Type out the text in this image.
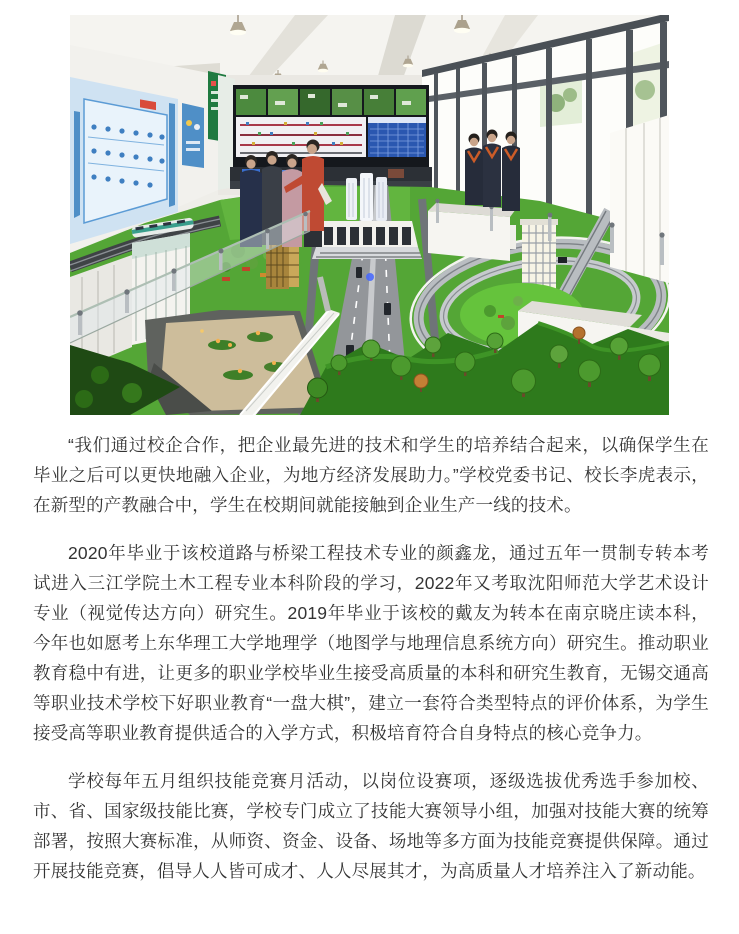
“我们通过校企合作，把企业最先进的技术和学生的培养结合起来，以确保学生在毕业之后可以更快地融入企业，为地方经济发展助力。”学校党委书记、校长李虎表示，在新型的产教融合中，学生在校期间就能接触到企业生产一线的技术。

2020年毕业于该校道路与桥梁工程技术专业的颜鑫龙，通过五年一贯制专转本考试进入三江学院土木工程专业本科阶段的学习，2022年又考取沈阳师范大学艺术设计专业（视觉传达方向）研究生。2019年毕业于该校的戴友为转本在南京晓庄读本科，今年也如愿考上东华理工大学地理学（地图学与地理信息系统方向）研究生。推动职业教育稳中有进，让更多的职业学校毕业生接受高质量的本科和研究生教育，无锡交通高等职业技术学校下好职业教育“一盘大棋”，建立一套符合类型特点的评价体系，为学生接受高等职业教育提供适合的入学方式，积极培育符合自身特点的核心竞争力。

学校每年五月组织技能竞赛月活动，以岗位设赛项，逐级选拔优秀选手参加校、市、省、国家级技能比赛，学校专门成立了技能大赛领导小组，加强对技能大赛的统筹部署，按照大赛标准，从师资、资金、设备、场地等多方面为技能竞赛提供保障。通过开展技能竞赛，倡导人人皆可成才、人人尽展其才，为高质量人才培养注入了新动能。
